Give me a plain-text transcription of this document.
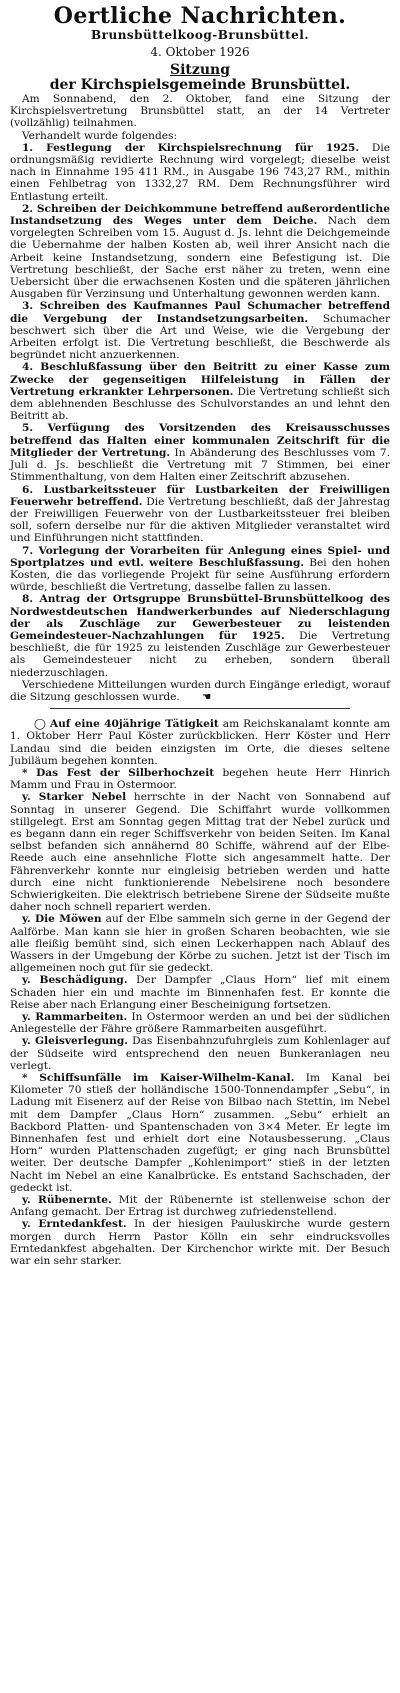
Oertliche Nachrichten.
Brunsbüttelkoog-Brunsbüttel.
4. Oktober 1926
Sitzung
der Kirchspielsgemeinde Brunsbüttel.

Am Sonnabend, den 2. Oktober, fand eine Sitzung der Kirchspielsvertretung Brunsbüttel statt, an der 14 Vertreter (vollzählig) teilnahmen.

Verhandelt wurde folgendes:

1. Festlegung der Kirchspielsrechnung für 1925. Die ordnungsmäßig revidierte Rechnung wird vorgelegt; dieselbe weist nach in Einnahme 195 411 RM., in Ausgabe 196 743,27 RM., mithin einen Fehlbetrag von 1332,27 RM. Dem Rechnungsführer wird Entlastung erteilt.

2. Schreiben der Deichkommune betreffend außerordentliche Instandsetzung des Weges unter dem Deiche. Nach dem vorgelegten Schreiben vom 15. August d. Js. lehnt die Deichgemeinde die Uebernahme der halben Kosten ab, weil ihrer Ansicht nach die Arbeit keine Instandsetzung, sondern eine Befestigung ist. Die Vertretung beschließt, der Sache erst näher zu treten, wenn eine Uebersicht über die erwachsenen Kosten und die späteren jährlichen Ausgaben für Verzinsung und Unterhaltung gewonnen werden kann.

3. Schreiben des Kaufmannes Paul Schumacher betreffend die Vergebung der Instandsetzungsarbeiten. Schumacher beschwert sich über die Art und Weise, wie die Vergebung der Arbeiten erfolgt ist. Die Vertretung beschließt, die Beschwerde als begründet nicht anzuerkennen.

4. Beschlußfassung über den Beitritt zu einer Kasse zum Zwecke der gegenseitigen Hilfeleistung in Fällen der Vertretung erkrankter Lehrpersonen. Die Vertretung schließt sich dem ablehnenden Beschlusse des Schulvorstandes an und lehnt den Beitritt ab.

5. Verfügung des Vorsitzenden des Kreisausschusses betreffend das Halten einer kommunalen Zeitschrift für die Mitglieder der Vertretung. In Abänderung des Beschlusses vom 7. Juli d. Js. beschließt die Vertretung mit 7 Stimmen, bei einer Stimmenthaltung, von dem Halten einer Zeitschrift abzusehen.

6. Lustbarkeitssteuer für Lustbarkeiten der Freiwilligen Feuerwehr betreffend. Die Vertretung beschließt, daß der Jahrestag der Freiwilligen Feuerwehr von der Lustbarkeitssteuer frei bleiben soll, sofern derselbe nur für die aktiven Mitglieder veranstaltet wird und Einführungen nicht stattfinden.

7. Vorlegung der Vorarbeiten für Anlegung eines Spiel- und Sportplatzes und evtl. weitere Beschlußfassung. Bei den hohen Kosten, die das vorliegende Projekt für seine Ausführung erfordern würde, beschließt die Vertretung, dasselbe fallen zu lassen.

8. Antrag der Ortsgruppe Brunsbüttel-Brunsbüttelkoog des Nordwestdeutschen Handwerkerbundes auf Niederschlagung der als Zuschläge zur Gewerbesteuer zu leistenden Gemeindesteuer-Nachzahlungen für 1925. Die Vertretung beschließt, die für 1925 zu leistenden Zuschläge zur Gewerbesteuer als Gemeindesteuer nicht zu erheben, sondern überall niederzuschlagen.

Verschiedene Mitteilungen wurden durch Eingänge erledigt, worauf die Sitzung geschlossen wurde. ☚

◯ Auf eine 40jährige Tätigkeit am Reichskanalamt konnte am 1. Oktober Herr Paul Köster zurückblicken. Herr Köster und Herr Landau sind die beiden einzigsten im Orte, die dieses seltene Jubiläum begehen konnten.

* Das Fest der Silberhochzeit begehen heute Herr Hinrich Mamm und Frau in Ostermoor.

y. Starker Nebel herrschte in der Nacht von Sonnabend auf Sonntag in unserer Gegend. Die Schiffahrt wurde vollkommen stillgelegt. Erst am Sonntag gegen Mittag trat der Nebel zurück und es begann dann ein reger Schiffsverkehr von beiden Seiten. Im Kanal selbst befanden sich annähernd 80 Schiffe, während auf der Elbe-Reede auch eine ansehnliche Flotte sich angesammelt hatte. Der Fährenverkehr konnte nur eingleisig betrieben werden und hatte durch eine nicht funktionierende Nebelsirene noch besondere Schwierigkeiten. Die elektrisch betriebene Sirene der Südseite mußte daher noch schnell repariert werden.

y. Die Möwen auf der Elbe sammeln sich gerne in der Gegend der Aalförbe. Man kann sie hier in großen Scharen beobachten, wie sie alle fleißig bemüht sind, sich einen Leckerhappen nach Ablauf des Wassers in der Umgebung der Körbe zu suchen. Jetzt ist der Tisch im allgemeinen noch gut für sie gedeckt.

y. Beschädigung. Der Dampfer „Claus Horn“ lief mit einem Schaden hier ein und machte im Binnenhafen fest. Er konnte die Reise aber nach Erlangung einer Bescheinigung fortsetzen.

y. Rammarbeiten. In Ostermoor werden an und bei der südlichen Anlegestelle der Fähre größere Rammarbeiten ausgeführt.

y. Gleisverlegung. Das Eisenbahnzufuhrgleis zum Kohlenlager auf der Südseite wird entsprechend den neuen Bunkeranlagen neu verlegt.

* Schiffsunfälle im Kaiser-Wilhelm-Kanal. Im Kanal bei Kilometer 70 stieß der holländische 1500-Tonnendampfer „Sebu“, in Ladung mit Eisenerz auf der Reise von Bilbao nach Stettin, im Nebel mit dem Dampfer „Claus Horn“ zusammen. „Sebu“ erhielt an Backbord Platten- und Spantenschaden von 3×4 Meter. Er legte im Binnenhafen fest und erhielt dort eine Notausbesserung. „Claus Horn“ wurden Plattenschaden zugefügt; er ging nach Brunsbüttel weiter. Der deutsche Dampfer „Kohlenimport“ stieß in der letzten Nacht im Nebel an eine Kanalbrücke. Es entstand Sachschaden, der gedeckt ist.

y. Rübenernte. Mit der Rübenernte ist stellenweise schon der Anfang gemacht. Der Ertrag ist durchweg zufriedenstellend.

y. Erntedankfest. In der hiesigen Pauluskirche wurde gestern morgen durch Herrn Pastor Kölln ein sehr eindrucksvolles Erntedankfest abgehalten. Der Kirchenchor wirkte mit. Der Besuch war ein sehr starker.
